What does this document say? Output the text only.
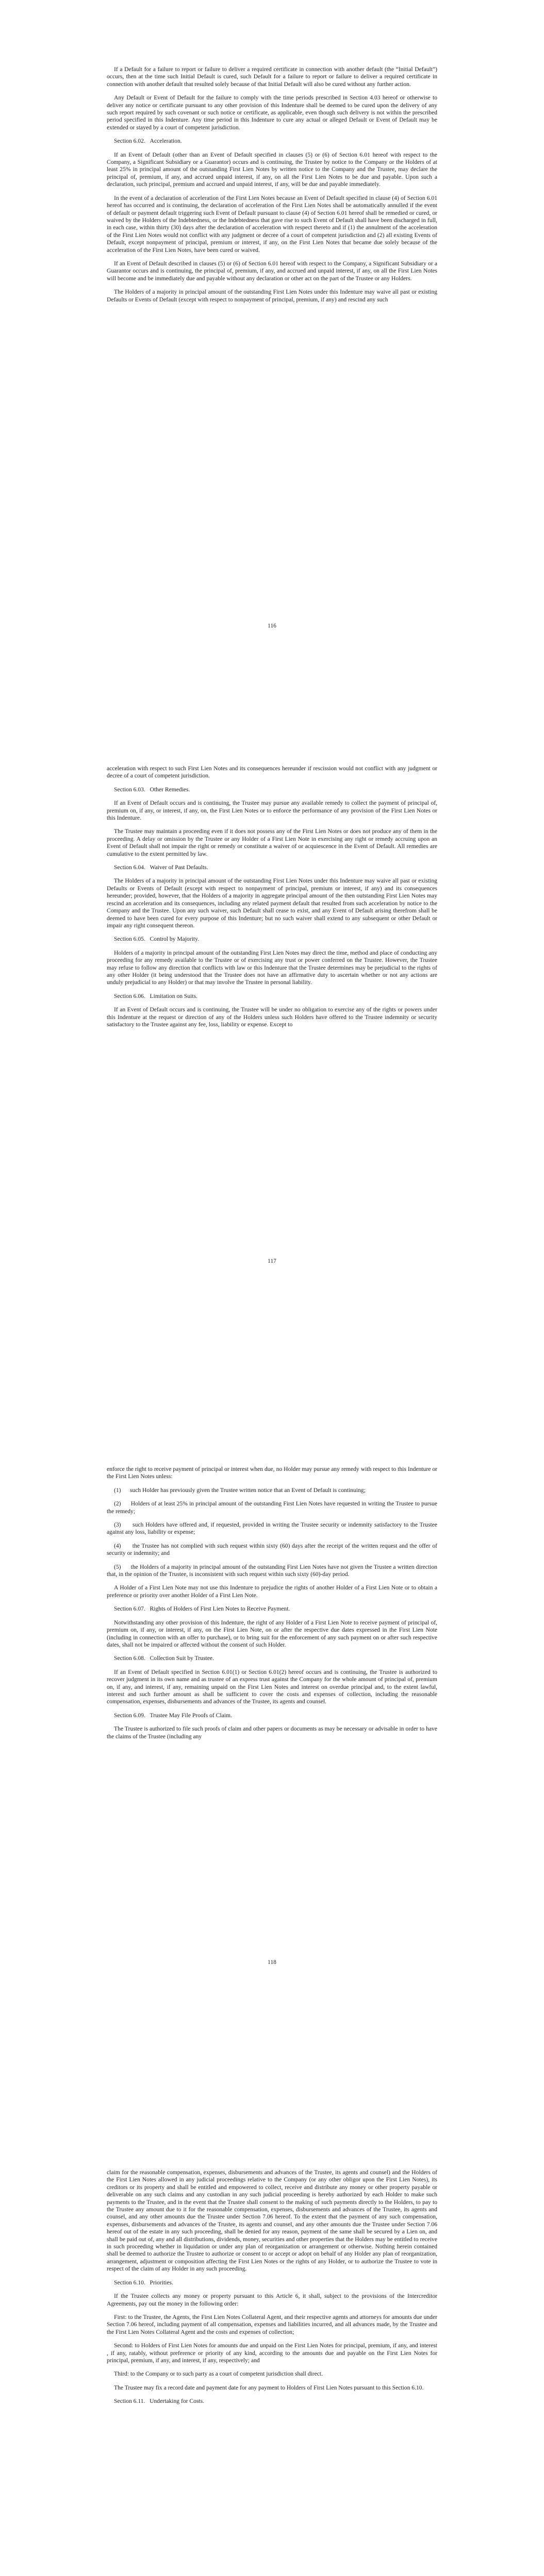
If a Default for a failure to report or failure to deliver a required certificate in connection with another default (the “Initial Default”) occurs, then at the time such Initial Default is cured, such Default for a failure to report or failure to deliver a required certificate in connection with another default that resulted solely because of that Initial Default will also be cured without any further action.

Any Default or Event of Default for the failure to comply with the time periods prescribed in Section 4.03 hereof or otherwise to deliver any notice or certificate pursuant to any other provision of this Indenture shall be deemed to be cured upon the delivery of any such report required by such covenant or such notice or certificate, as applicable, even though such delivery is not within the prescribed period specified in this Indenture. Any time period in this Indenture to cure any actual or alleged Default or Event of Default may be extended or stayed by a court of competent jurisdiction.

Section 6.02.   Acceleration.

If an Event of Default (other than an Event of Default specified in clauses (5) or (6) of Section 6.01 hereof with respect to the Company, a Significant Subsidiary or a Guarantor) occurs and is continuing, the Trustee by notice to the Company or the Holders of at least 25% in principal amount of the outstanding First Lien Notes by written notice to the Company and the Trustee, may declare the principal of, premium, if any, and accrued unpaid interest, if any, on all the First Lien Notes to be due and payable. Upon such a declaration, such principal, premium and accrued and unpaid interest, if any, will be due and payable immediately.

In the event of a declaration of acceleration of the First Lien Notes because an Event of Default specified in clause (4) of Section 6.01 hereof has occurred and is continuing, the declaration of acceleration of the First Lien Notes shall be automatically annulled if the event of default or payment default triggering such Event of Default pursuant to clause (4) of Section 6.01 hereof shall be remedied or cured, or waived by the Holders of the Indebtedness, or the Indebtedness that gave rise to such Event of Default shall have been discharged in full, in each case, within thirty (30) days after the declaration of acceleration with respect thereto and if (1) the annulment of the acceleration of the First Lien Notes would not conflict with any judgment or decree of a court of competent jurisdiction and (2) all existing Events of Default, except nonpayment of principal, premium or interest, if any, on the First Lien Notes that became due solely because of the acceleration of the First Lien Notes, have been cured or waived.

If an Event of Default described in clauses (5) or (6) of Section 6.01 hereof with respect to the Company, a Significant Subsidiary or a Guarantor occurs and is continuing, the principal of, premium, if any, and accrued and unpaid interest, if any, on all the First Lien Notes will become and be immediately due and payable without any declaration or other act on the part of the Trustee or any Holders.

The Holders of a majority in principal amount of the outstanding First Lien Notes under this Indenture may waive all past or existing Defaults or Events of Default (except with respect to nonpayment of principal, premium, if any) and rescind any such

116

acceleration with respect to such First Lien Notes and its consequences hereunder if rescission would not conflict with any judgment or decree of a court of competent jurisdiction.

Section 6.03.   Other Remedies.

If an Event of Default occurs and is continuing, the Trustee may pursue any available remedy to collect the payment of principal of, premium on, if any, or interest, if any, on, the First Lien Notes or to enforce the performance of any provision of the First Lien Notes or this Indenture.

The Trustee may maintain a proceeding even if it does not possess any of the First Lien Notes or does not produce any of them in the proceeding. A delay or omission by the Trustee or any Holder of a First Lien Note in exercising any right or remedy accruing upon an Event of Default shall not impair the right or remedy or constitute a waiver of or acquiescence in the Event of Default. All remedies are cumulative to the extent permitted by law.

Section 6.04.   Waiver of Past Defaults.

The Holders of a majority in principal amount of the outstanding First Lien Notes under this Indenture may waive all past or existing Defaults or Events of Default (except with respect to nonpayment of principal, premium or interest, if any) and its consequences hereunder; provided, however, that the Holders of a majority in aggregate principal amount of the then outstanding First Lien Notes may rescind an acceleration and its consequences, including any related payment default that resulted from such acceleration by notice to the Company and the Trustee. Upon any such waiver, such Default shall cease to exist, and any Event of Default arising therefrom shall be deemed to have been cured for every purpose of this Indenture; but no such waiver shall extend to any subsequent or other Default or impair any right consequent thereon.

Section 6.05.   Control by Majority.

Holders of a majority in principal amount of the outstanding First Lien Notes may direct the time, method and place of conducting any proceeding for any remedy available to the Trustee or of exercising any trust or power conferred on the Trustee. However, the Trustee may refuse to follow any direction that conflicts with law or this Indenture that the Trustee determines may be prejudicial to the rights of any other Holder (it being understood that the Trustee does not have an affirmative duty to ascertain whether or not any actions are unduly prejudicial to any Holder) or that may involve the Trustee in personal liability.

Section 6.06.   Limitation on Suits.

If an Event of Default occurs and is continuing, the Trustee will be under no obligation to exercise any of the rights or powers under this Indenture at the request or direction of any of the Holders unless such Holders have offered to the Trustee indemnity or security satisfactory to the Trustee against any fee, loss, liability or expense. Except to

117

enforce the right to receive payment of principal or interest when due, no Holder may pursue any remedy with respect to this Indenture or the First Lien Notes unless:

(1)      such Holder has previously given the Trustee written notice that an Event of Default is continuing;

(2)      Holders of at least 25% in principal amount of the outstanding First Lien Notes have requested in writing the Trustee to pursue the remedy;

(3)      such Holders have offered and, if requested, provided in writing the Trustee security or indemnity satisfactory to the Trustee against any loss, liability or expense;

(4)      the Trustee has not complied with such request within sixty (60) days after the receipt of the written request and the offer of security or indemnity; and

(5)      the Holders of a majority in principal amount of the outstanding First Lien Notes have not given the Trustee a written direction that, in the opinion of the Trustee, is inconsistent with such request within such sixty (60)-day period.

A Holder of a First Lien Note may not use this Indenture to prejudice the rights of another Holder of a First Lien Note or to obtain a preference or priority over another Holder of a First Lien Note.

Section 6.07.   Rights of Holders of First Lien Notes to Receive Payment.

Notwithstanding any other provision of this Indenture, the right of any Holder of a First Lien Note to receive payment of principal of, premium on, if any, or interest, if any, on the First Lien Note, on or after the respective due dates expressed in the First Lien Note (including in connection with an offer to purchase), or to bring suit for the enforcement of any such payment on or after such respective dates, shall not be impaired or affected without the consent of such Holder.

Section 6.08.   Collection Suit by Trustee.

If an Event of Default specified in Section 6.01(1) or Section 6.01(2) hereof occurs and is continuing, the Trustee is authorized to recover judgment in its own name and as trustee of an express trust against the Company for the whole amount of principal of, premium on, if any, and interest, if any, remaining unpaid on the First Lien Notes and interest on overdue principal and, to the extent lawful, interest and such further amount as shall be sufficient to cover the costs and expenses of collection, including the reasonable compensation, expenses, disbursements and advances of the Trustee, its agents and counsel.

Section 6.09.   Trustee May File Proofs of Claim.

The Trustee is authorized to file such proofs of claim and other papers or documents as may be necessary or advisable in order to have the claims of the Trustee (including any

118

claim for the reasonable compensation, expenses, disbursements and advances of the Trustee, its agents and counsel) and the Holders of the First Lien Notes allowed in any judicial proceedings relative to the Company (or any other obligor upon the First Lien Notes), its creditors or its property and shall be entitled and empowered to collect, receive and distribute any money or other property payable or deliverable on any such claims and any custodian in any such judicial proceeding is hereby authorized by each Holder to make such payments to the Trustee, and in the event that the Trustee shall consent to the making of such payments directly to the Holders, to pay to the Trustee any amount due to it for the reasonable compensation, expenses, disbursements and advances of the Trustee, its agents and counsel, and any other amounts due the Trustee under Section 7.06 hereof. To the extent that the payment of any such compensation, expenses, disbursements and advances of the Trustee, its agents and counsel, and any other amounts due the Trustee under Section 7.06 hereof out of the estate in any such proceeding, shall be denied for any reason, payment of the same shall be secured by a Lien on, and shall be paid out of, any and all distributions, dividends, money, securities and other properties that the Holders may be entitled to receive in such proceeding whether in liquidation or under any plan of reorganization or arrangement or otherwise. Nothing herein contained shall be deemed to authorize the Trustee to authorize or consent to or accept or adopt on behalf of any Holder any plan of reorganization, arrangement, adjustment or composition affecting the First Lien Notes or the rights of any Holder, or to authorize the Trustee to vote in respect of the claim of any Holder in any such proceeding.

Section 6.10.   Priorities.

If the Trustee collects any money or property pursuant to this Article 6, it shall, subject to the provisions of the Intercreditor Agreements, pay out the money in the following order:

First: to the Trustee, the Agents, the First Lien Notes Collateral Agent, and their respective agents and attorneys for amounts due under Section 7.06 hereof, including payment of all compensation, expenses and liabilities incurred, and all advances made, by the Trustee and the First Lien Notes Collateral Agent and the costs and expenses of collection;

Second: to Holders of First Lien Notes for amounts due and unpaid on the First Lien Notes for principal, premium, if any, and interest , if any, ratably, without preference or priority of any kind, according to the amounts due and payable on the First Lien Notes for principal, premium, if any, and interest, if any, respectively; and

Third: to the Company or to such party as a court of competent jurisdiction shall direct.

The Trustee may fix a record date and payment date for any payment to Holders of First Lien Notes pursuant to this Section 6.10.

Section 6.11.   Undertaking for Costs.
